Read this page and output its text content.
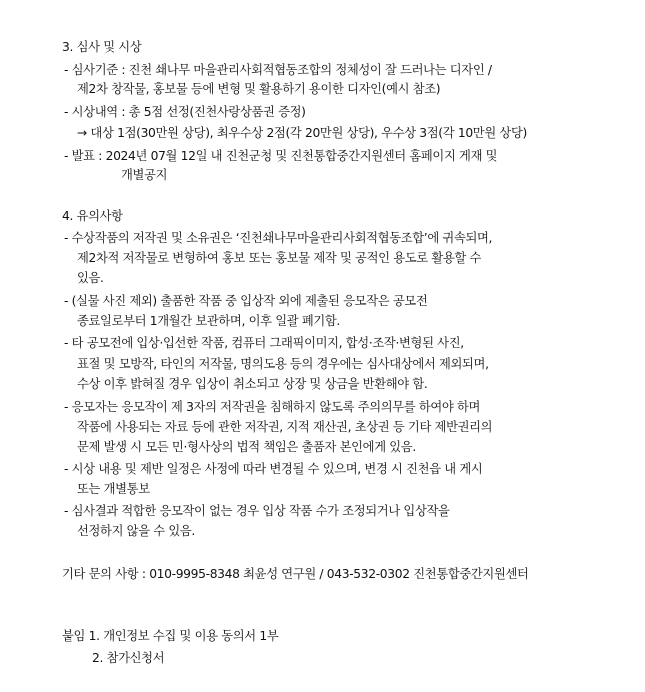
3. 심사 및 시상
- 심사기준 : 진천 쇄나무 마을관리사회적협동조합의 정체성이 잘 드러나는 디자인 /
제2차 창작물, 홍보물 등에 변형 및 활용하기 용이한 디자인(예시 참조)
- 시상내역 : 총 5점 선정(진천사랑상품권 증정)
→ 대상 1점(30만원 상당), 최우수상 2점(각 20만원 상당), 우수상 3점(각 10만원 상당)
- 발표 : 2024년 07월 12일 내 진천군청 및 진천통합중간지원센터 홈페이지 게재 및
개별공지
4. 유의사항
- 수상작품의 저작권 및 소유권은 ‘진천쇄나무마을관리사회적협동조합’에 귀속되며,
제2차적 저작물로 변형하여 홍보 또는 홍보물 제작 및 공적인 용도로 활용할 수
있음.
- (실물 사진 제외) 출품한 작품 중 입상작 외에 제출된 응모작은 공모전
종료일로부터 1개월간 보관하며, 이후 일괄 폐기함.
- 타 공모전에 입상·입선한 작품, 컴퓨터 그래픽이미지, 합성·조작·변형된 사진,
표절 및 모방작, 타인의 저작물, 명의도용 등의 경우에는 심사대상에서 제외되며,
수상 이후 밝혀질 경우 입상이 취소되고 상장 및 상금을 반환해야 함.
- 응모자는 응모작이 제 3자의 저작권을 침해하지 않도록 주의의무를 하여야 하며
작품에 사용되는 자료 등에 관한 저작권, 지적 재산권, 초상권 등 기타 제반권리의
문제 발생 시 모든 민·형사상의 법적 책임은 출품자 본인에게 있음.
- 시상 내용 및 제반 일정은 사정에 따라 변경될 수 있으며, 변경 시 진천읍 내 게시
또는 개별통보
- 심사결과 적합한 응모작이 없는 경우 입상 작품 수가 조정되거나 입상작을
선정하지 않을 수 있음.
기타 문의 사항 : 010-9995-8348 최윤성 연구원 / 043-532-0302 진천통합중간지원센터
붙임 1. 개인정보 수집 및 이용 동의서 1부
2. 참가신청서
